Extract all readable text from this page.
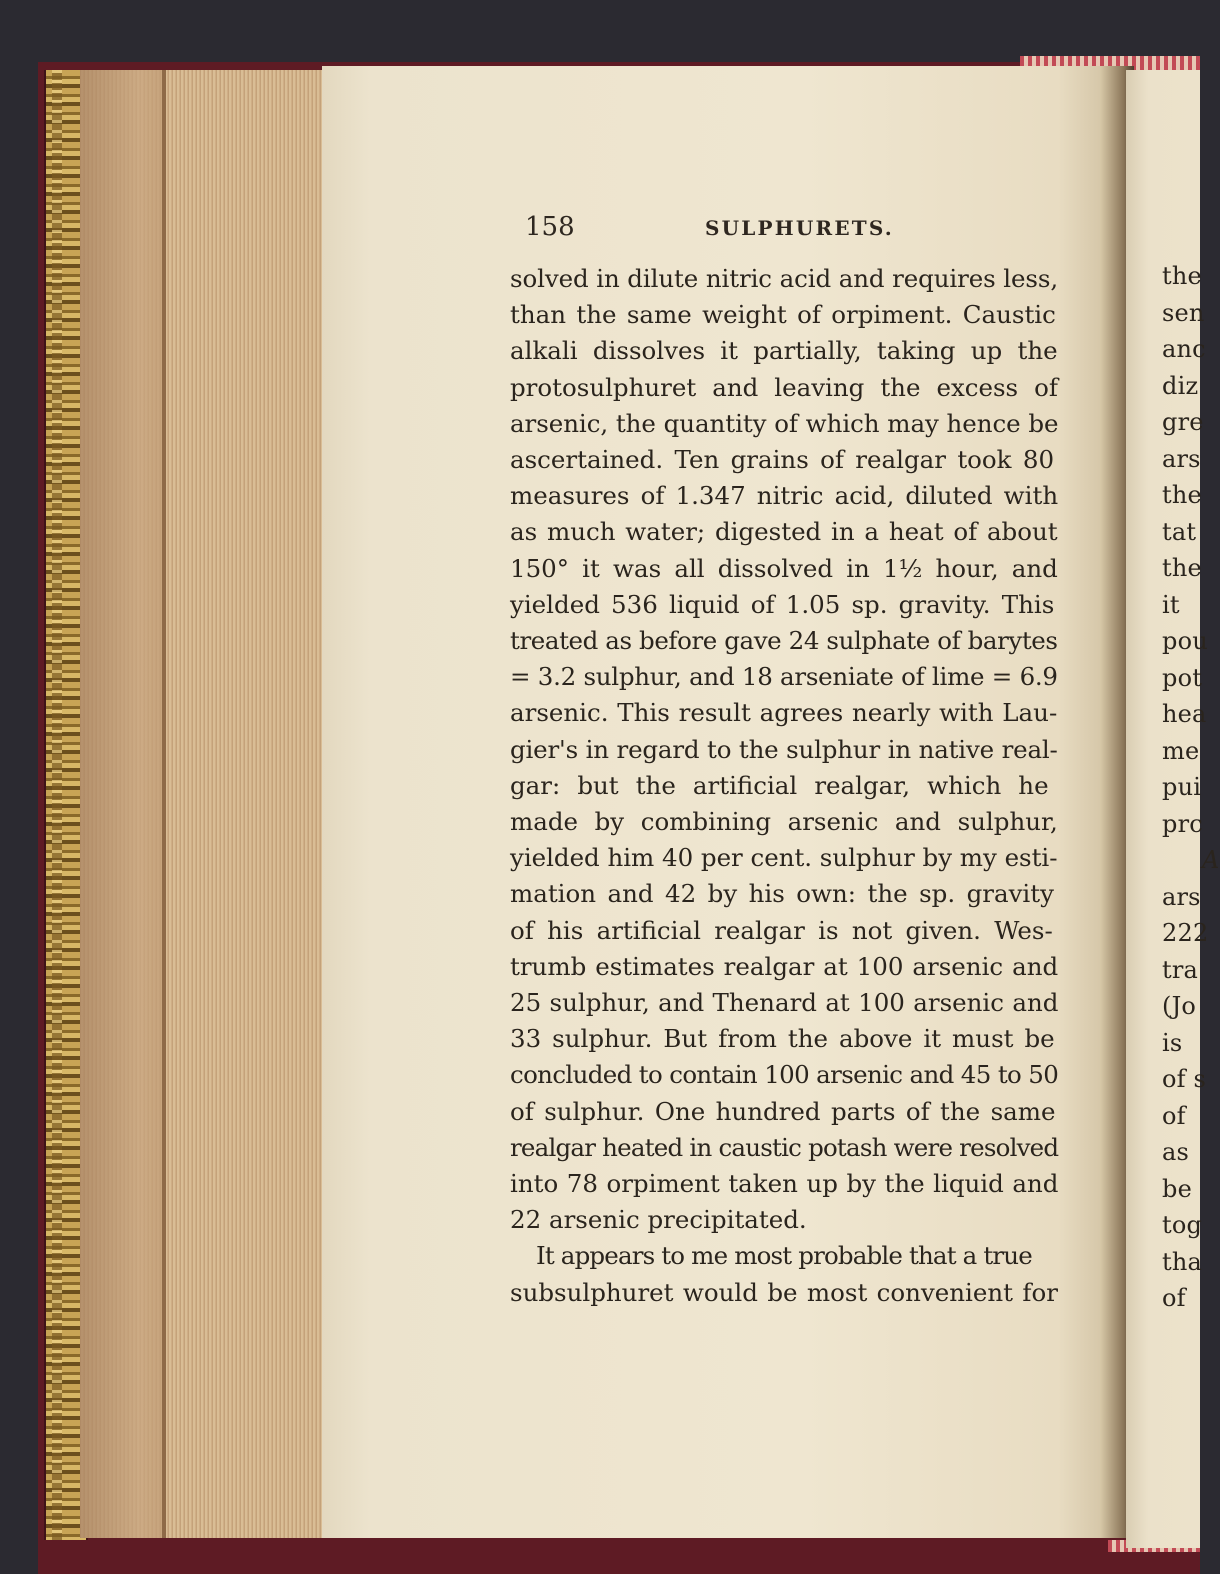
the
sen
anc
diz
gre
ars
the
tat
the
it
pou
pot
hea
me
pui
prc
A
ars
222
tra
(Jo
is
of s
of
as
be
tog
tha
of
158	SULPHURETS.
solved in dilute nitric acid and requires less,
than the same weight of orpiment. Caustic
alkali dissolves it partially, taking up the
protosulphuret and leaving the excess of
arsenic, the quantity of which may hence be
ascertained. Ten grains of realgar took 80
measures of 1.347 nitric acid, diluted with
as much water; digested in a heat of about
150° it was all dissolved in 1½ hour, and
yielded 536 liquid of 1.05 sp. gravity. This
treated as before gave 24 sulphate of barytes
= 3.2 sulphur, and 18 arseniate of lime = 6.9
arsenic. This result agrees nearly with Lau-
gier's in regard to the sulphur in native real-
gar: but the artificial realgar, which he
made by combining arsenic and sulphur,
yielded him 40 per cent. sulphur by my esti-
mation and 42 by his own: the sp. gravity
of his artificial realgar is not given. Wes-
trumb estimates realgar at 100 arsenic and
25 sulphur, and Thenard at 100 arsenic and
33 sulphur. But from the above it must be
concluded to contain 100 arsenic and 45 to 50
of sulphur. One hundred parts of the same
realgar heated in caustic potash were resolved
into 78 orpiment taken up by the liquid and
22 arsenic precipitated.
It appears to me most probable that a true
subsulphuret would be most convenient for
